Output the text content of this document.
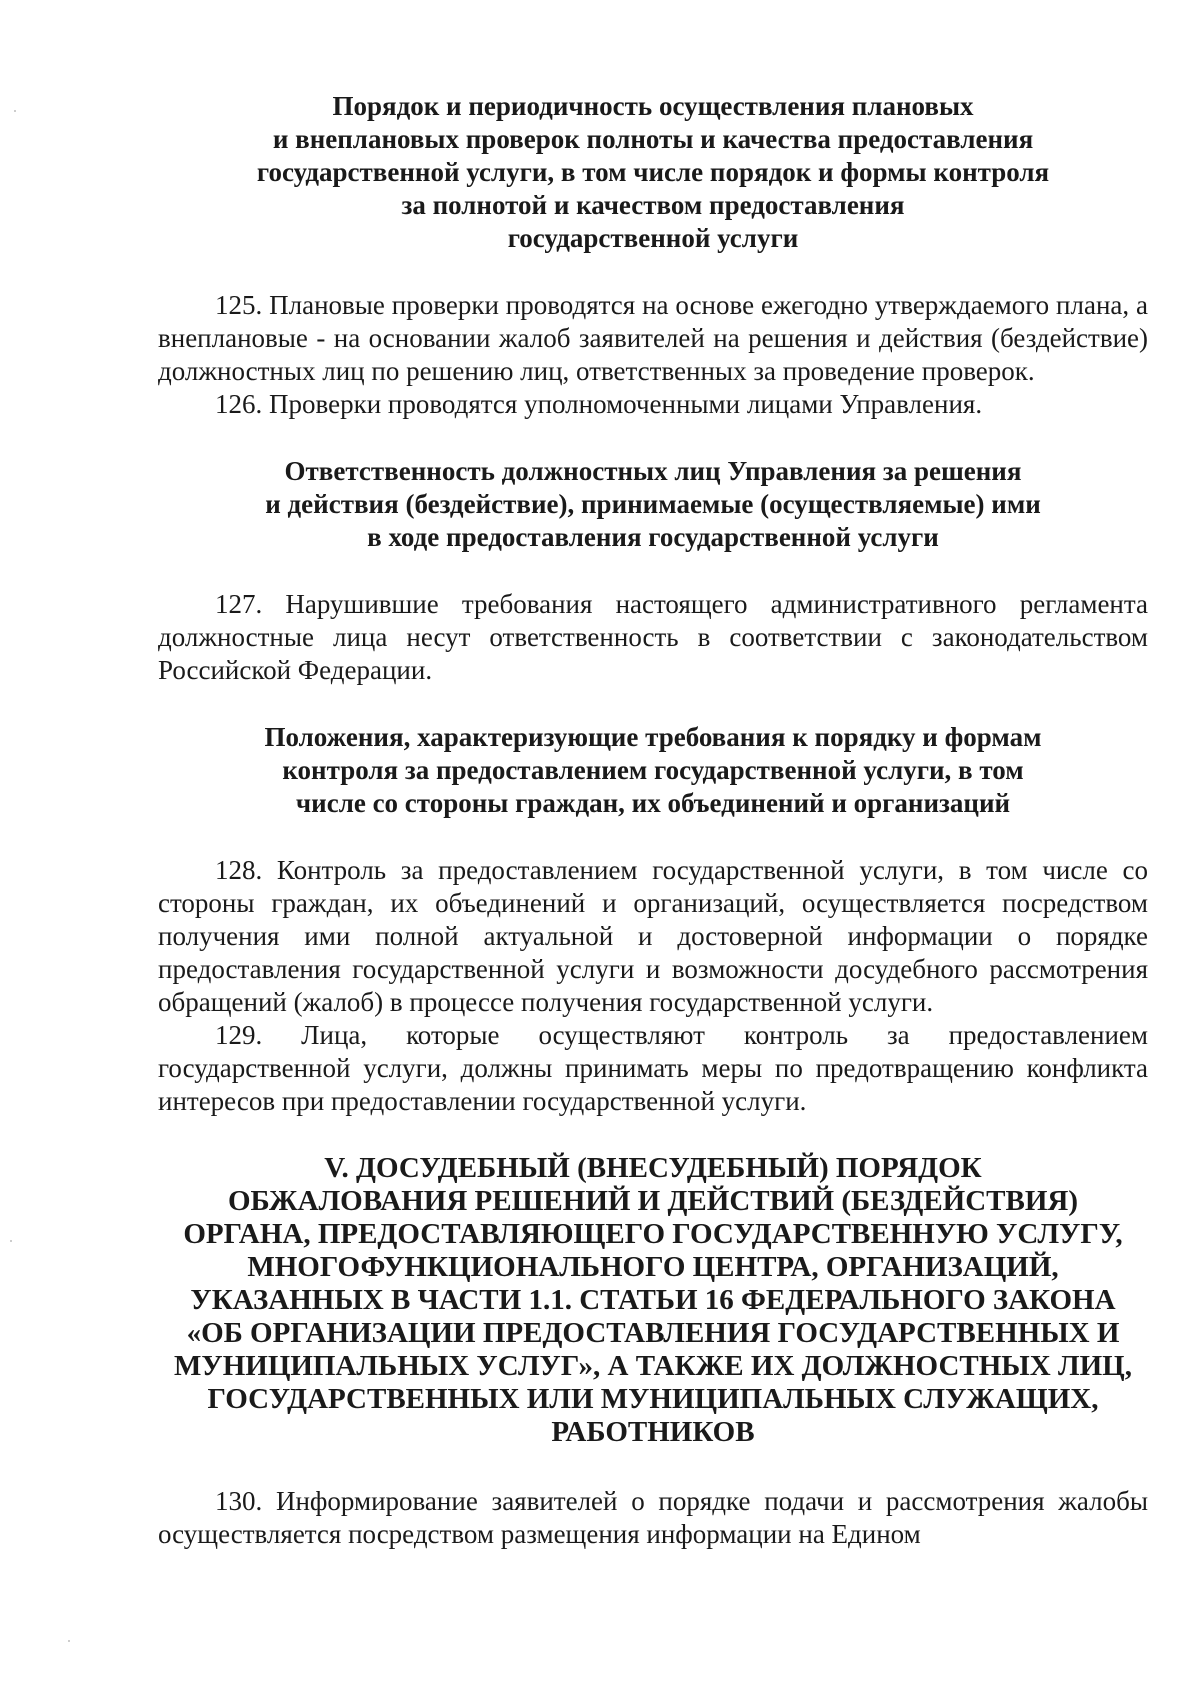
Порядок и периодичность осуществления плановых
и внеплановых проверок полноты и качества предоставления
государственной услуги, в том числе порядок и формы контроля
за полнотой и качеством предоставления
государственной услуги

125. Плановые проверки проводятся на основе ежегодно утверждаемого плана, а внеплановые - на основании жалоб заявителей на решения и действия (бездействие) должностных лиц по решению лиц, ответственных за проведение проверок.

126. Проверки проводятся уполномоченными лицами Управления.

Ответственность должностных лиц Управления за решения
и действия (бездействие), принимаемые (осуществляемые) ими
в ходе предоставления государственной услуги

127. Нарушившие требования настоящего административного регламента должностные лица несут ответственность в соответствии с законодательством Российской Федерации.

Положения, характеризующие требования к порядку и формам
контроля за предоставлением государственной услуги, в том
числе со стороны граждан, их объединений и организаций

128. Контроль за предоставлением государственной услуги, в том числе со стороны граждан, их объединений и организаций, осуществляется посредством получения ими полной актуальной и достоверной информации о порядке предоставления государственной услуги и возможности досудебного рассмотрения обращений (жалоб) в процессе получения государственной услуги.

129. Лица, которые осуществляют контроль за предоставлением государственной услуги, должны принимать меры по предотвращению конфликта интересов при предоставлении государственной услуги.

V. ДОСУДЕБНЫЙ (ВНЕСУДЕБНЫЙ) ПОРЯДОК
ОБЖАЛОВАНИЯ РЕШЕНИЙ И ДЕЙСТВИЙ (БЕЗДЕЙСТВИЯ)
ОРГАНА, ПРЕДОСТАВЛЯЮЩЕГО ГОСУДАРСТВЕННУЮ УСЛУГУ,
МНОГОФУНКЦИОНАЛЬНОГО ЦЕНТРА, ОРГАНИЗАЦИЙ,
УКАЗАННЫХ В ЧАСТИ 1.1. СТАТЬИ 16 ФЕДЕРАЛЬНОГО ЗАКОНА
«ОБ ОРГАНИЗАЦИИ ПРЕДОСТАВЛЕНИЯ ГОСУДАРСТВЕННЫХ И
МУНИЦИПАЛЬНЫХ УСЛУГ», А ТАКЖЕ ИХ ДОЛЖНОСТНЫХ ЛИЦ,
ГОСУДАРСТВЕННЫХ ИЛИ МУНИЦИПАЛЬНЫХ СЛУЖАЩИХ,
РАБОТНИКОВ

130. Информирование заявителей о порядке подачи и рассмотрения жалобы осуществляется посредством размещения информации на Едином
